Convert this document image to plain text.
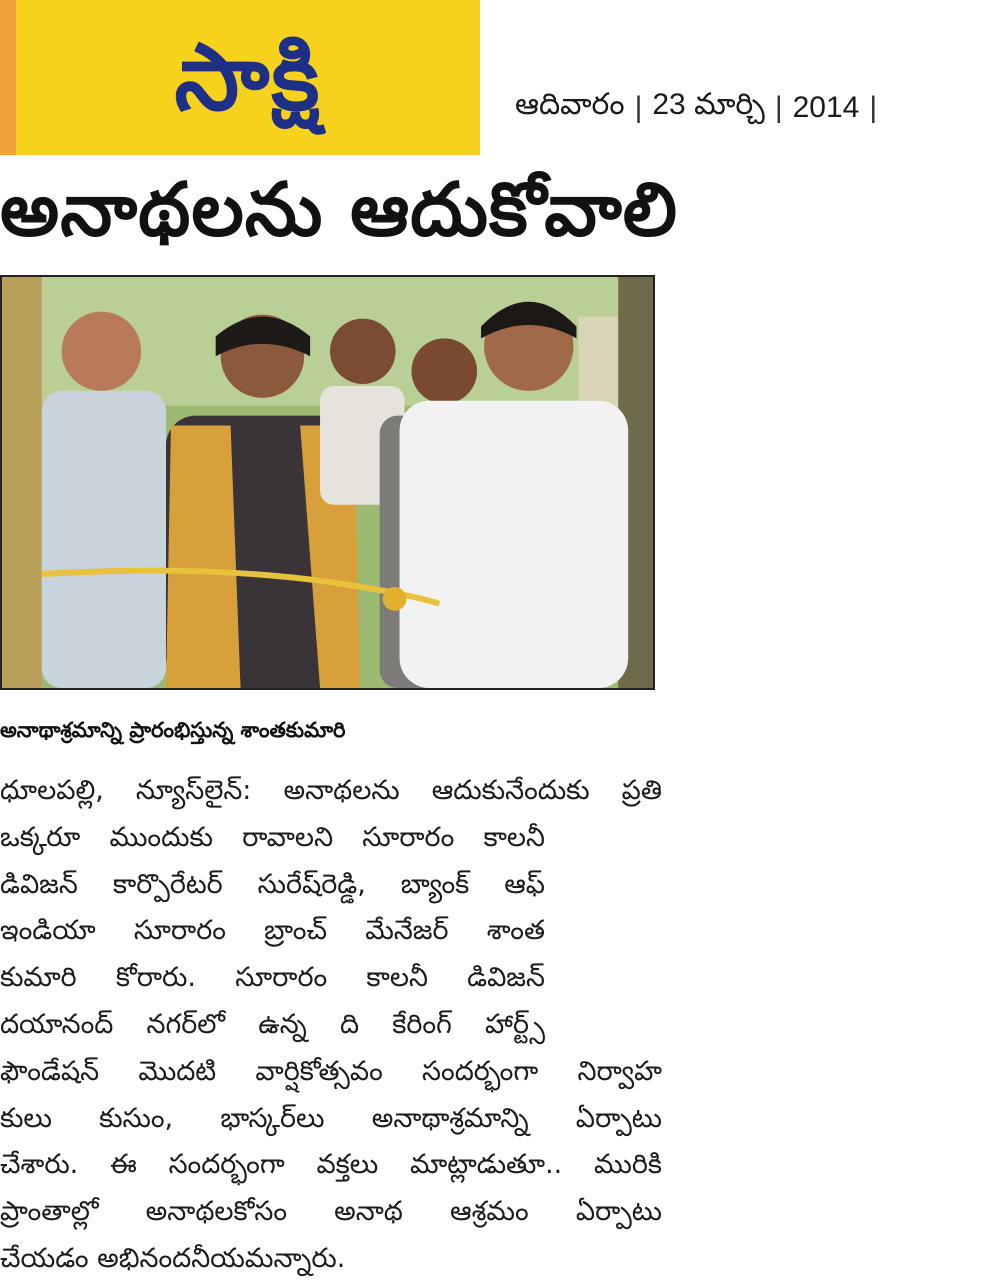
సాక్షి	ఆదివారం | 23 మార్చి | 2014 |
అనాథలను ఆదుకోవాలి

అనాథాశ్రమాన్ని ప్రారంభిస్తున్న శాంతకుమారి

ధూలపల్లి, న్యూస్‌లైన్: అనాథలను ఆదుకునేందుకు ప్రతి
ఒక్కరూ ముందుకు రావాలని సూరారం కాలనీ
డివిజన్ కార్పొరేటర్ సురేష్‌రెడ్డి, బ్యాంక్ ఆఫ్
ఇండియా సూరారం బ్రాంచ్ మేనేజర్ శాంత
కుమారి కోరారు. సూరారం కాలనీ డివిజన్
దయానంద్ నగర్‌లో ఉన్న ది కేరింగ్ హార్ట్స్
ఫౌండేషన్ మొదటి వార్షికోత్సవం సందర్భంగా నిర్వాహ
కులు కుసుం, భాస్కర్‌లు అనాథాశ్రమాన్ని ఏర్పాటు
చేశారు. ఈ సందర్భంగా వక్తలు మాట్లాడుతూ.. మురికి
ప్రాంతాల్లో అనాథలకోసం అనాథ ఆశ్రమం ఏర్పాటు
చేయడం అభినందనీయమన్నారు.
